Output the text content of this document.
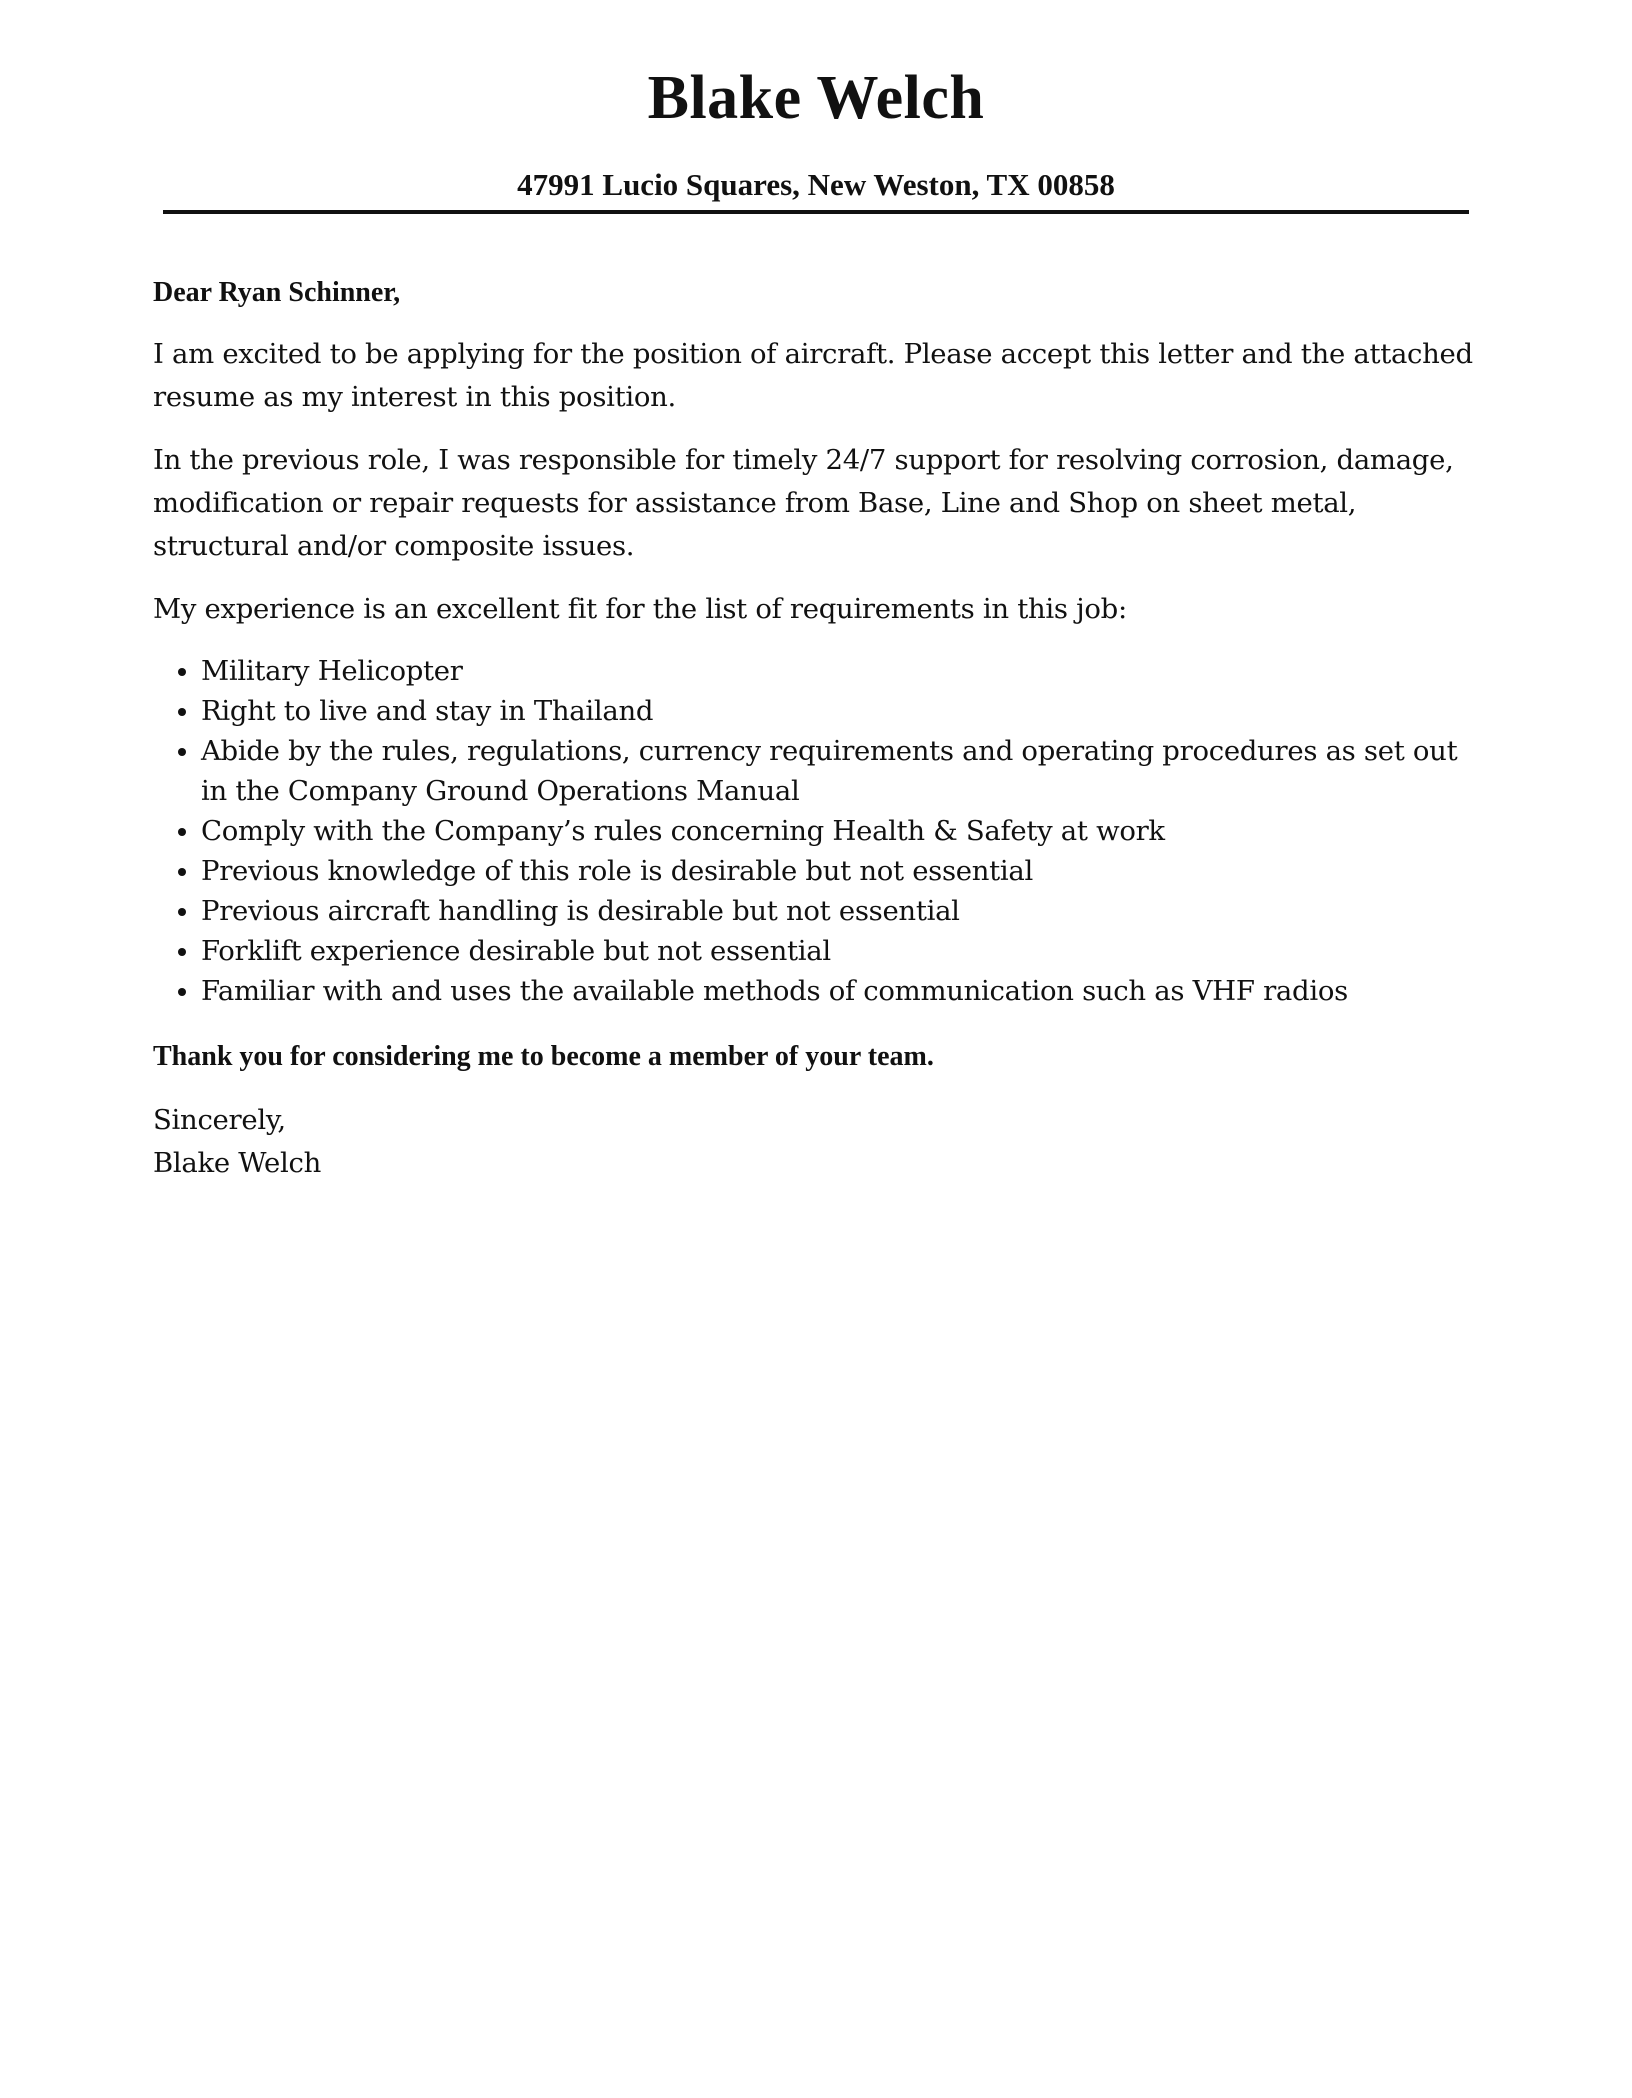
Blake Welch
47991 Lucio Squares, New Weston, TX 00858
Dear Ryan Schinner,

I am excited to be applying for the position of aircraft. Please accept this letter and the attached resume as my interest in this position.

In the previous role, I was responsible for timely 24/7 support for resolving corrosion, damage, modification or repair requests for assistance from Base, Line and Shop on sheet metal, structural and/or composite issues.

My experience is an excellent fit for the list of requirements in this job:

• Military Helicopter
• Right to live and stay in Thailand
• Abide by the rules, regulations, currency requirements and operating procedures as set out in the Company Ground Operations Manual
• Comply with the Company’s rules concerning Health & Safety at work
• Previous knowledge of this role is desirable but not essential
• Previous aircraft handling is desirable but not essential
• Forklift experience desirable but not essential
• Familiar with and uses the available methods of communication such as VHF radios
Thank you for considering me to become a member of your team.
Sincerely,
Blake Welch
